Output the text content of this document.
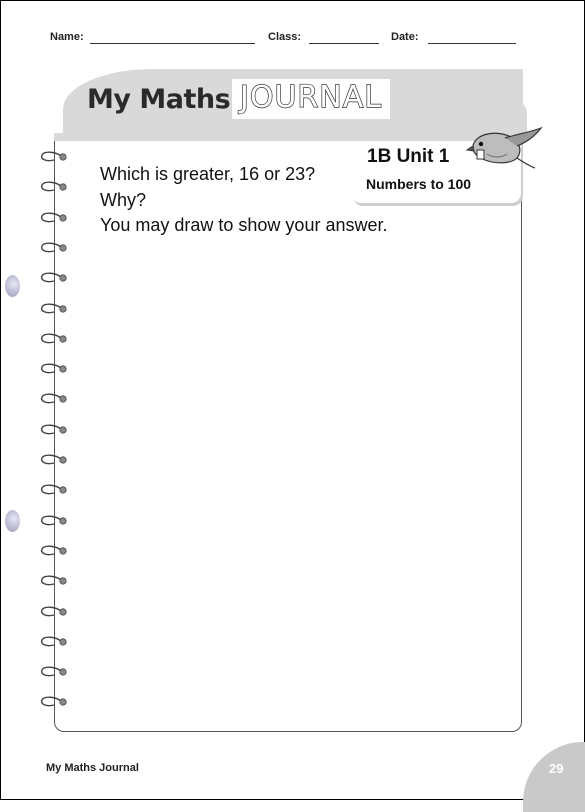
Name:	Class:	Date:
My Maths JOURNAL
1B Unit 1
Numbers to 100
Which is greater, 16 or 23?
Why?
You may draw to show your answer.
My Maths Journal	29
